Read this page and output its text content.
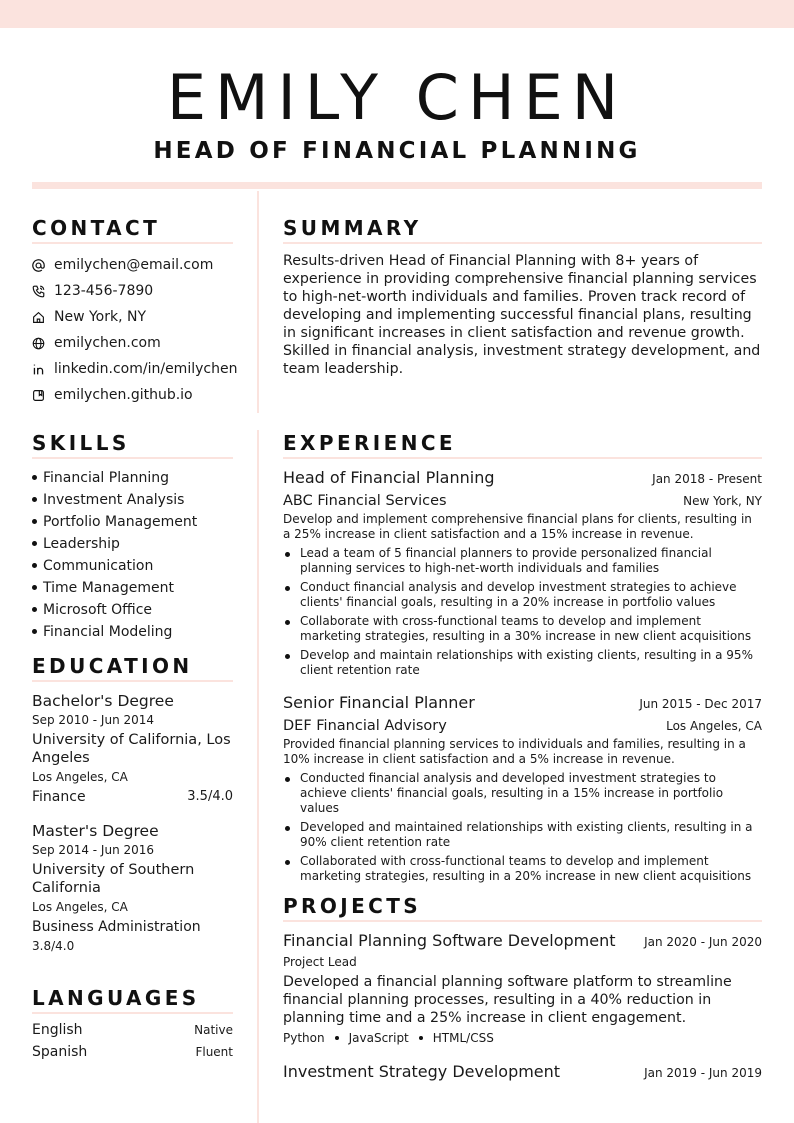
EMILY CHEN
HEAD OF FINANCIAL PLANNING
CONTACT
emilychen@email.com
123-456-7890
New York, NY
emilychen.com
linkedin.com/in/emilychen
emilychen.github.io
SKILLS
Financial Planning
Investment Analysis
Portfolio Management
Leadership
Communication
Time Management
Microsoft Office
Financial Modeling
EDUCATION
Bachelor's Degree
Sep 2010 - Jun 2014
University of California, Los Angeles
Los Angeles, CA
Finance	3.5/4.0
Master's Degree
Sep 2014 - Jun 2016
University of Southern California
Los Angeles, CA
Business Administration
3.8/4.0
LANGUAGES
English	Native
Spanish	Fluent
SUMMARY

Results-driven Head of Financial Planning with 8+ years of experience in providing comprehensive financial planning services to high-net-worth individuals and families. Proven track record of developing and implementing successful financial plans, resulting in significant increases in client satisfaction and revenue growth. Skilled in financial analysis, investment strategy development, and team leadership.

EXPERIENCE
Head of Financial Planning	Jan 2018 - Present
ABC Financial Services	New York, NY

Develop and implement comprehensive financial plans for clients, resulting in a 25% increase in client satisfaction and a 15% increase in revenue.

Lead a team of 5 financial planners to provide personalized financial planning services to high-net-worth individuals and families
Conduct financial analysis and develop investment strategies to achieve clients' financial goals, resulting in a 20% increase in portfolio values
Collaborate with cross-functional teams to develop and implement marketing strategies, resulting in a 30% increase in new client acquisitions
Develop and maintain relationships with existing clients, resulting in a 95% client retention rate
Senior Financial Planner	Jun 2015 - Dec 2017
DEF Financial Advisory	Los Angeles, CA

Provided financial planning services to individuals and families, resulting in a 10% increase in client satisfaction and a 5% increase in revenue.

Conducted financial analysis and developed investment strategies to achieve clients' financial goals, resulting in a 15% increase in portfolio values
Developed and maintained relationships with existing clients, resulting in a 90% client retention rate
Collaborated with cross-functional teams to develop and implement marketing strategies, resulting in a 20% increase in new client acquisitions
PROJECTS
Financial Planning Software Development Jan 2020 - Jun 2020
Project Lead

Developed a financial planning software platform to streamline financial planning processes, resulting in a 40% reduction in planning time and a 25% increase in client engagement.

Python JavaScript HTML/CSS
Investment Strategy Development	Jan 2019 - Jun 2019
